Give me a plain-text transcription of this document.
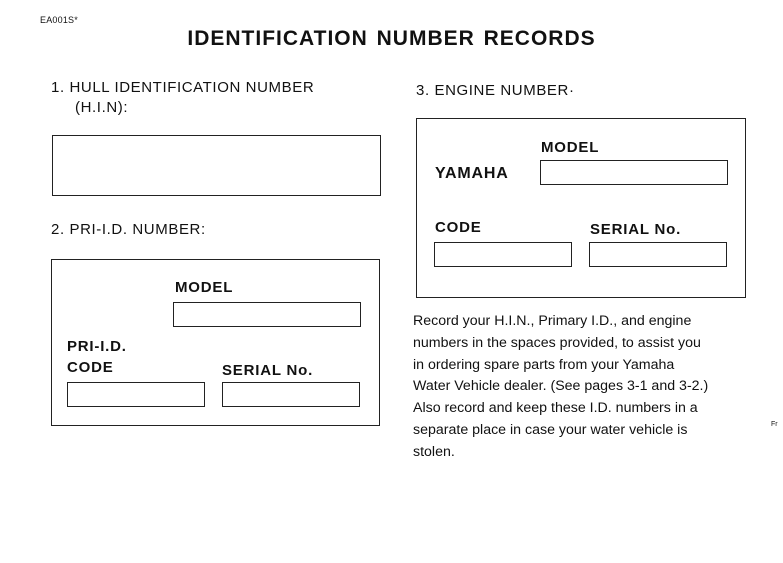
EA001S*
IDENTIFICATION NUMBER RECORDS
1. HULL IDENTIFICATION NUMBER
(H.I.N):
2. PRI-I.D. NUMBER:
MODEL
PRI-I.D.
CODE	SERIAL No.
3. ENGINE NUMBER·
MODEL
YAMAHA
CODE	SERIAL No.
Record your H.I.N., Primary I.D., and engine
numbers in the spaces provided, to assist you
in ordering spare parts from your Yamaha
Water Vehicle dealer. (See pages 3-1 and 3-2.)
Also record and keep these I.D. numbers in a
separate place in case your water vehicle is
stolen.
Fr
